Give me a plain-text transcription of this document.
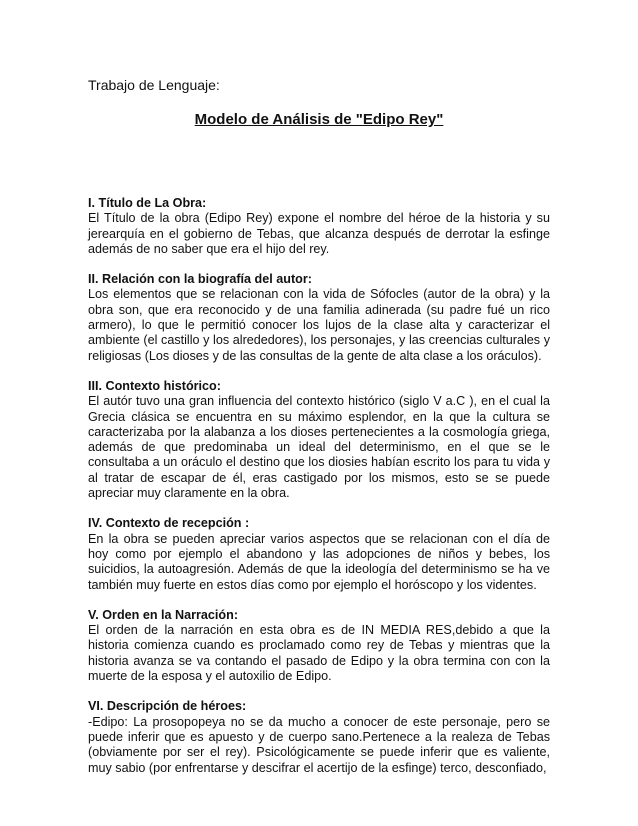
Trabajo de Lenguaje:
Modelo de Análisis de "Edipo Rey"

I. Título de La Obra:

El Título de la obra (Edipo Rey) expone el nombre del héroe de la historia y su jerearquía en el gobierno de Tebas, que alcanza después de derrotar la esfinge además de no saber que era el hijo del rey.

II. Relación con la biografía del autor:

Los elementos que se relacionan con la vida de Sófocles (autor de la obra) y la obra son, que era reconocido y de una familia adinerada (su padre fué un rico armero), lo que le permitió conocer los lujos de la clase alta y caracterizar el ambiente (el castillo y los alrededores), los personajes, y las creencias culturales y religiosas (Los dioses y de las consultas de la gente de alta clase a los oráculos).

III. Contexto histórico:

El autór tuvo una gran influencia del contexto histórico (siglo V a.C ), en el cual la Grecia clásica se encuentra en su máximo esplendor, en la que la cultura se caracterizaba por la alabanza a los dioses pertenecientes a la cosmología griega, además de que predominaba un ideal del determinismo, en el que se le consultaba a un oráculo el destino que los diosies habían escrito los para tu vida y al tratar de escapar de él, eras castigado por los mismos, esto se se puede apreciar muy claramente en la obra.

IV. Contexto de recepción :

En la obra se pueden apreciar varios aspectos que se relacionan con el día de hoy como por ejemplo el abandono y las adopciones de niños y bebes, los suicidios, la autoagresión. Además de que la ideología del determinismo se ha ve también muy fuerte en estos días como por ejemplo el horóscopo y los videntes.

V. Orden en la Narración:

El orden de la narración en esta obra es de IN MEDIA RES,debido a que la historia comienza cuando es proclamado como rey de Tebas y mientras que la historia avanza se va contando el pasado de Edipo y la obra termina con con la muerte de la esposa y el autoxilio de Edipo.

VI. Descripción de héroes:

-Edipo: La prosopopeya no se da mucho a conocer de este personaje, pero se puede inferir que es apuesto y de cuerpo sano.Pertenece a la realeza de Tebas (obviamente por ser el rey). Psicológicamente se puede inferir que es valiente, muy sabio (por enfrentarse y descifrar el acertijo de la esfinge) terco, desconfiado,
